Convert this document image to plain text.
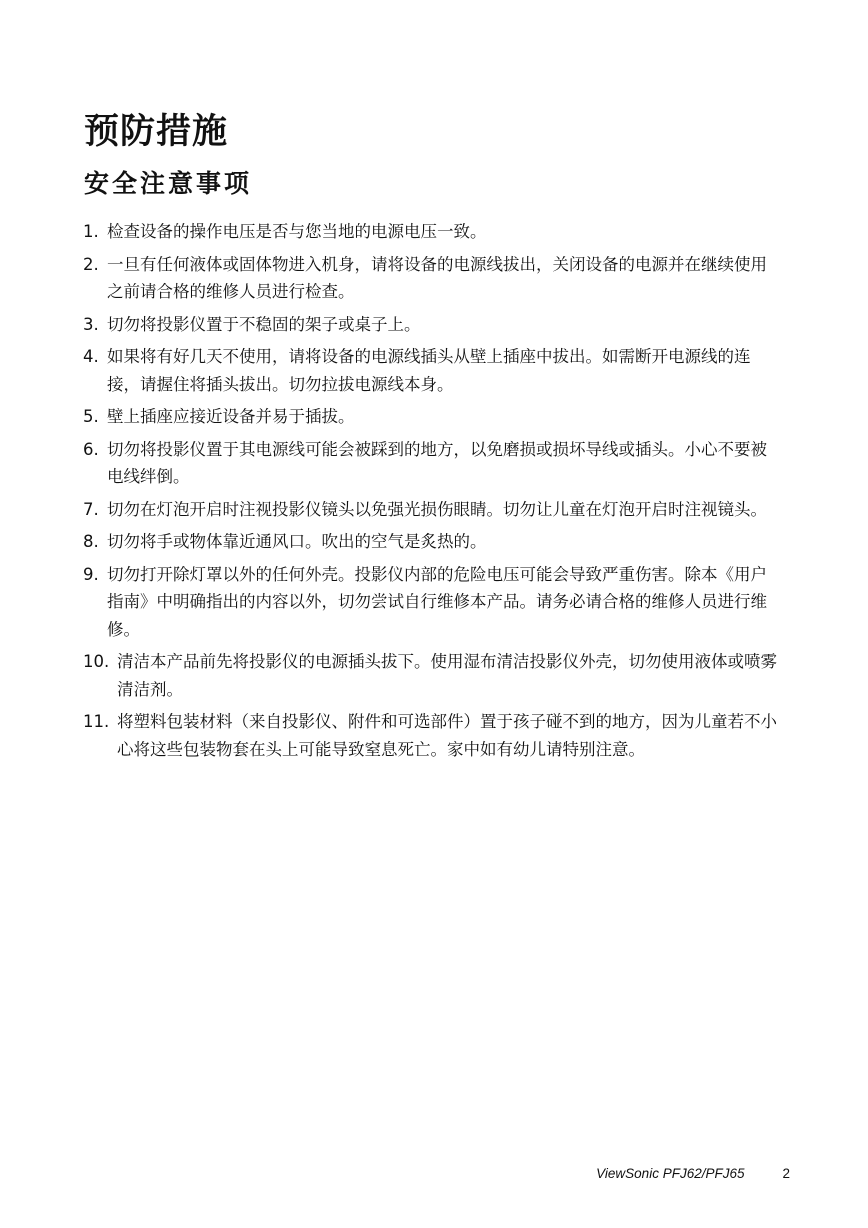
预防措施
安全注意事项
1. 检查设备的操作电压是否与您当地的电源电压一致。
2. 一旦有任何液体或固体物进入机身，请将设备的电源线拔出，关闭设备的电源并在继续使用之前请合格的维修人员进行检查。
3. 切勿将投影仪置于不稳固的架子或桌子上。
4. 如果将有好几天不使用，请将设备的电源线插头从壁上插座中拔出。如需断开电源线的连接，请握住将插头拔出。切勿拉拔电源线本身。
5. 壁上插座应接近设备并易于插拔。
6. 切勿将投影仪置于其电源线可能会被踩到的地方，以免磨损或损坏导线或插头。小心不要被电线绊倒。
7. 切勿在灯泡开启时注视投影仪镜头以免强光损伤眼睛。切勿让儿童在灯泡开启时注视镜头。
8. 切勿将手或物体靠近通风口。吹出的空气是炙热的。
9. 切勿打开除灯罩以外的任何外壳。投影仪内部的危险电压可能会导致严重伤害。除本《用户指南》中明确指出的内容以外，切勿尝试自行维修本产品。请务必请合格的维修人员进行维修。
10. 清洁本产品前先将投影仪的电源插头拔下。使用湿布清洁投影仪外壳，切勿使用液体或喷雾清洁剂。
11. 将塑料包装材料（来自投影仪、附件和可选部件）置于孩子碰不到的地方，因为儿童若不小心将这些包装物套在头上可能导致窒息死亡。家中如有幼儿请特别注意。
ViewSonic PFJ62/PFJ65	2
